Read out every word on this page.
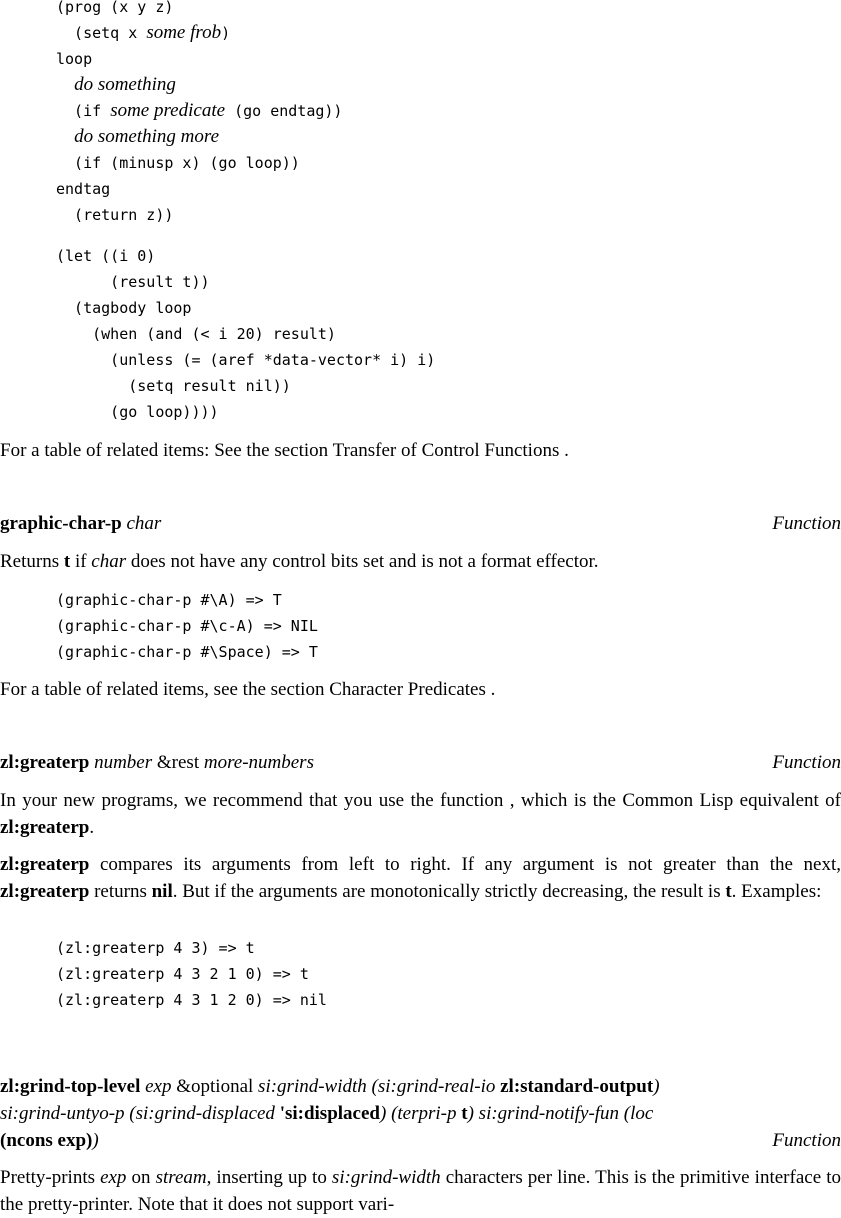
(prog (x y z)
(setq x some frob)
loop
do something
(if some predicate (go endtag))
do something more
(if (minusp x) (go loop))
endtag
(return z))
(let ((i 0)
(result t))
(tagbody loop
(when (and (< i 20) result)
(unless (= (aref *data-vector* i) i)
(setq result nil))
(go loop))))
For a table of related items: See the section Transfer of Control Functions .
graphic-char-p char	Function
Returns t if char does not have any control bits set and is not a format effector.
(graphic-char-p #\A) => T
(graphic-char-p #\c-A) => NIL
(graphic-char-p #\Space) => T
For a table of related items, see the section Character Predicates .
zl:greaterp number &rest more-numbers	Function
In your new programs, we recommend that you use the function , which is the Common Lisp equivalent of zl:greaterp.
zl:greaterp compares its arguments from left to right. If any argument is not greater than the next, zl:greaterp returns nil. But if the arguments are monotonically strictly decreasing, the result is t. Examples:
(zl:greaterp 4 3) => t
(zl:greaterp 4 3 2 1 0) => t
(zl:greaterp 4 3 1 2 0) => nil
zl:grind-top-level exp &optional si:grind-width (si:grind-real-io zl:standard-output)
si:grind-untyo-p (si:grind-displaced 'si:displaced) (terpri-p t) si:grind-notify-fun (loc
(ncons exp))	Function
Pretty-prints exp on stream, inserting up to si:grind-width characters per line. This is the primitive interface to the pretty-printer. Note that it does not support vari-
